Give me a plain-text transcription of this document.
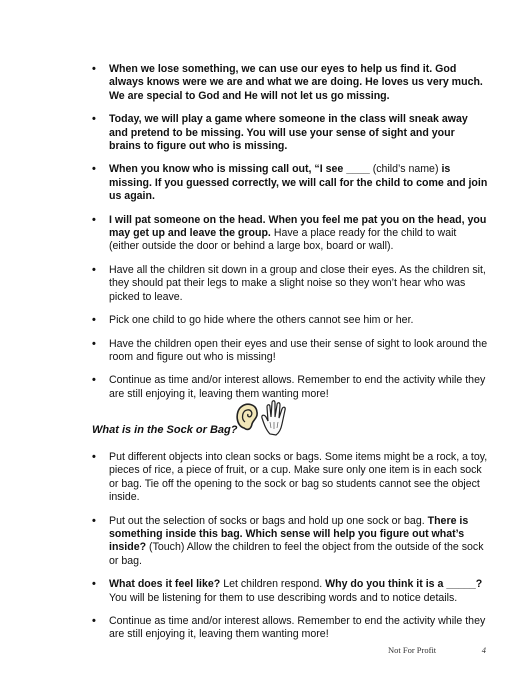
• When we lose something, we can use our eyes to help us find it. God always knows were we are and what we are doing. He loves us very much. We are special to God and He will not let us go missing.
• Today, we will play a game where someone in the class will sneak away and pretend to be missing. You will use your sense of sight and your brains to figure out who is missing.
• When you know who is missing call out, “I see ____ (child’s name) is missing. If you guessed correctly, we will call for the child to come and join us again.
• I will pat someone on the head. When you feel me pat you on the head, you may get up and leave the group. Have a place ready for the child to wait (either outside the door or behind a large box, board or wall).
• Have all the children sit down in a group and close their eyes. As the children sit, they should pat their legs to make a slight noise so they won’t hear who was picked to leave.
• Pick one child to go hide where the others cannot see him or her.
• Have the children open their eyes and use their sense of sight to look around the room and figure out who is missing!
• Continue as time and/or interest allows. Remember to end the activity while they are still enjoying it, leaving them wanting more!
What is in the Sock or Bag?
• Put different objects into clean socks or bags. Some items might be a rock, a toy, pieces of rice, a piece of fruit, or a cup. Make sure only one item is in each sock or bag. Tie off the opening to the sock or bag so students cannot see the object inside.
• Put out the selection of socks or bags and hold up one sock or bag. There is something inside this bag. Which sense will help you figure out what’s inside? (Touch) Allow the children to feel the object from the outside of the sock or bag.
• What does it feel like? Let children respond. Why do you think it is a _____? You will be listening for them to use describing words and to notice details.
• Continue as time and/or interest allows. Remember to end the activity while they are still enjoying it, leaving them wanting more!
Not For Profit	4
